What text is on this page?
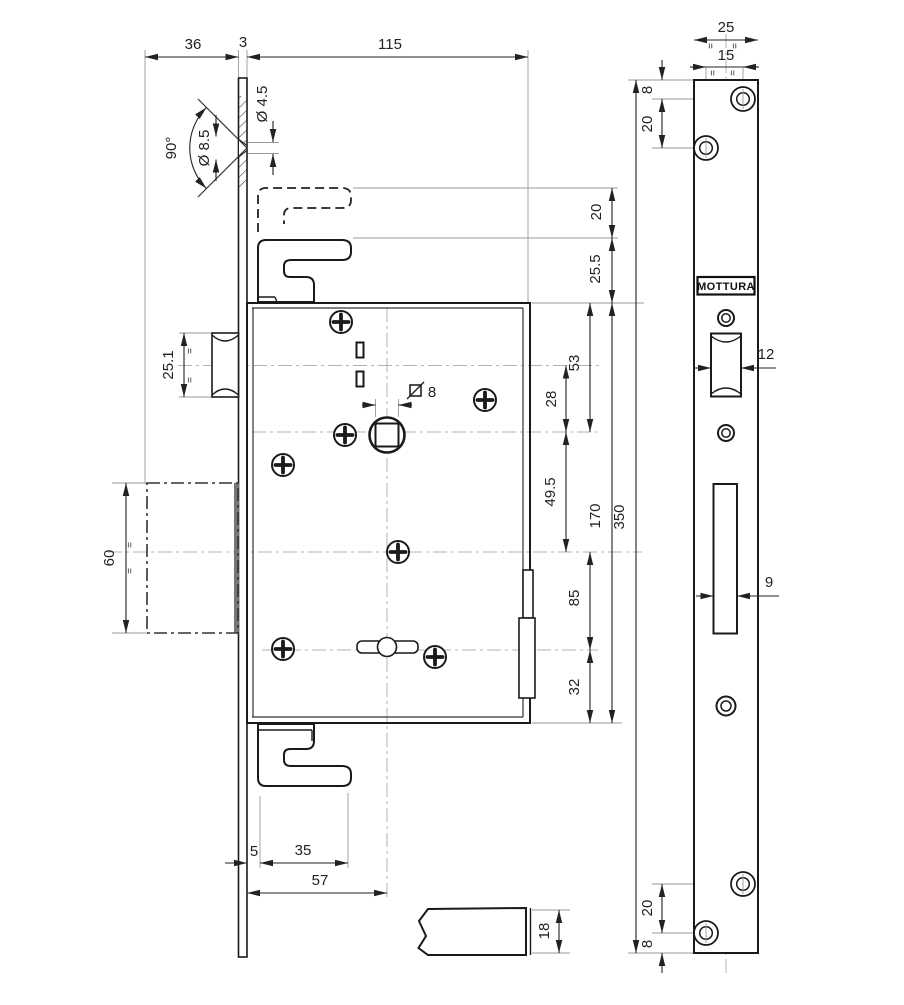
MOTTURA
36 3	115
90° Ø 8.5
Ø 4.5
25.1 =
=
60
=
=
8	28
49.5
53
85
32
20
25.5
170 350
5 35
57
18
25
= =
15
= =
8
20
12
9
20
8
